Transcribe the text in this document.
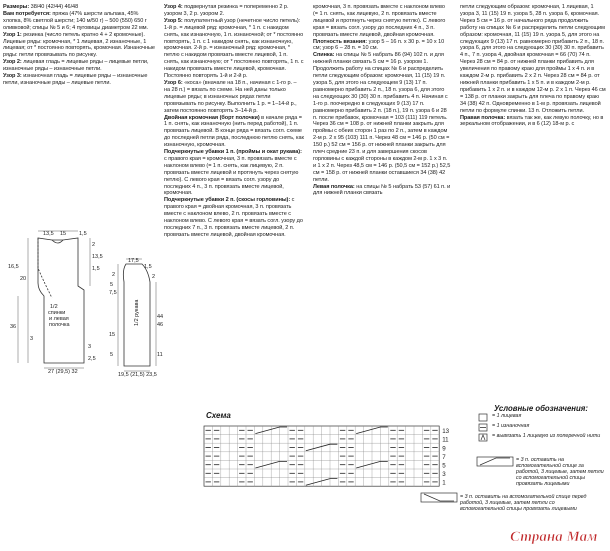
Размеры: 38/40 (42/44) 46/48
Вам потребуется: пряжа (47% шерсти альпака, 45% хлопка, 8% светлой шерсти; 140 м/50 г) – 500 (550) 650 г оливковой; спицы № 5 и 6; 4 пуговицы диаметром 22 мм.
Узор 1: резинка (число петель кратно 4 + 2 кромочные). Лицевые ряды: кромочная, * 1 лицевая, 2 изнаночные, 1 лицевая; от * постоянно повторять, кромочная. Изнаночные ряды: петли провязывать по рисунку.
Узор 2: лицевая гладь = лицевые ряды – лицевые петли, изнаночные ряды – изнаночные петли.
Узор 3: изнаночная гладь = лицевые ряды – изнаночные петли, изнаночные ряды – лицевые петли.
Узор 4: подвернутая резинка = попеременно 2 р. узором 3, 2 р. узором 2.
Узор 5: полупатентный узор (нечетное число петель): 1-й р. = лицевой ряд: кромочная, * 1 п. с накидом снять, как изнаночную, 1 п. изнаночной; от * постоянно повторять, 1 п. с 1 накидом снять, как изнаночную, кромочная. 2-й р. = изнаночный ряд: кромочная, * петлю с накидом провязать вместе лицевой, 1 п. снять, как изнаночную; от * постоянно повторять, 1 п. с накидом провязать вместе лицевой, кромочная. Постоянно повторять 1-й и 2-й р.
Узор 6: «коса» (вначале на 18 п., начиная с 1-го р. – на 28 п.) = вязать по схеме. На ней даны только лицевые ряды; в изнаночных рядах петли провязывать по рисунку. Выполнить 1 р. = 1–14-й р., затем постоянно повторять 3–14-й р.
Двойная кромочная (борт полочки) в начале ряда = 1 п. снять, как изнаночную (нить перед работой), 1 п. провязать лицевой. В конце ряда = вязать согл. схеме до последней петли ряда, последнюю петлю снять, как изнаночную, кромочная.
Подчеркнутые убавки 1 п. (проймы и окат рукава): с правого края = кромочная, 3 п. провязать вместе с наклоном влево (= 1 п. снять, как лицевую, 2 п. провязать вместе лицевой и протянуть через снятую петлю). С левого края = вязать согл. узору до последних 4 п., 3 п. провязать вместе лицевой, кромочная.
Подчеркнутые убавки 2 п. (скосы горловины): с правого края = двойная кромочная, 3 п. провязать вместе с наклоном влево, 2 п. провязать вместе с наклоном влево. С левого края = вязать согл. узору до последних 7 п., 3 п. провязать вместе лицевой, 2 п. провязать вместе лицевой, двойная кромочная.
кромочная, 3 п. провязать вместе с наклоном влево (= 1 п. снять, как лицевую, 2 п. провязать вместе лицевой и протянуть через снятую петлю). С левого края = вязать согл. узору до последних 4 п., 3 п. провязать вместе лицевой, двойная кромочная.
Плотность вязания: узор 5 – 16 п. x 30 р. = 10 x 10 см; узор 6 – 28 п. = 10 см.
Спинка: на спицы № 5 набрать 86 (94) 102 п. и для нижней планки связать 5 см = 16 р. узором 1. Продолжить работу на спицах № 6 и распределить петли следующим образом: кромочная, 11 (15) 19 п. узора 5, для этого на следующем 9 (13) 17 п. равномерно прибавить 2 п., 18 п. узора 6, для этого на следующих 30 (30) 30 п. прибавить 4 п. Начиная с 1-го р. поочередно в следующих 9 (13) 17 п. равномерно прибавить 2 п. (18 п.), 19 п. узора 6 и 28 п. после прибавок, кромочная = 103 (111) 119 петель. Через 36 см = 108 р. от нижней планки закрыть для проймы с обеих сторон 1 раз по 2 п., затем в каждом 2-м р. 2 x 95 (103) 111 п. Через 48 см = 146 р. (50 см = 150 р.) 52 см = 156 р. от нижней планки закрыть для плеч средние 23 п. и для завершения скосов горловины с каждой стороны в каждом 2-м р. 1 x 3 п. и 1 x 2 п. Через 48,5 см = 146 р. (50,5 см = 152 р.) 52,5 см = 158 р. от нижней планки оставшиеся 34 (38) 42 петли.
Левая полочка: на спицы № 5 набрать 53 (57) 61 п. и для нижней планки связать
петли следующим образом: кромочная, 1 лицевая, 1 узора 3, 11 (15) 19 п. узора 5, 28 п. узора 6, кромочная. Через 5 см = 16 р. от начального ряда продолжить работу на спицах № 6 и распределить петли следующим образом: кромочная, 11 (15) 19 п. узора 5, для этого на следующих 9 (13) 17 п. равномерно прибавить 2 п., 18 п. узора 6, для этого на следующих 30 (30) 30 п. прибавить 4 п., 7 п. узора 4, двойная кромочная = 66 (70) 74 п. Через 28 см = 84 р. от нижней планки прибавить для увеличения по правому краю для проймы 1 x 4 п. и в каждом 2-м р. прибавить 2 x 2 п. Через 28 см = 84 р. от нижней планки прибавить 1 x 5 п. и в каждом 2-м р. прибавить 1 x 2 п. и в каждом 12-м р. 2 x 1 п. Через 46 см = 138 р. от планки закрыть для плеча по правому краю 34 (38) 42 п. Одновременно в 1-м р. провязать лицевой петли по формуле спинки. 13 п. Отложить петли.
Правая полочка: вязать так же, как левую полочку, но в зеркальном отображении, и в 6 (12) 18-м р. с
1/2
спинки
и левая
полочка
13,5 15 1,5
2
13,5
1,5
16,5
20
3
3
36
2,5
27 (29,5) 32
1/2 рукава
17,5
1,5
44
46
5
7,5
2	2
5
15
11
19,5 (21,5) 23,5
Схема
13
11
9
7
5
3
1
Условные обозначения:
= 1 лицевая
= 1 изнаночная
= вывязать 1 лицевую из поперечной нити
= 3 п. оставить на вспомогательной спице за работой, 3 лицевые, затем петли со вспомогательной спицы провязать лицевыми
= 3 п. оставить на вспомогательной спице перед работой, 3 лицевые, затем петли со вспомогательной спицы провязать лицевыми
Страна Мам
